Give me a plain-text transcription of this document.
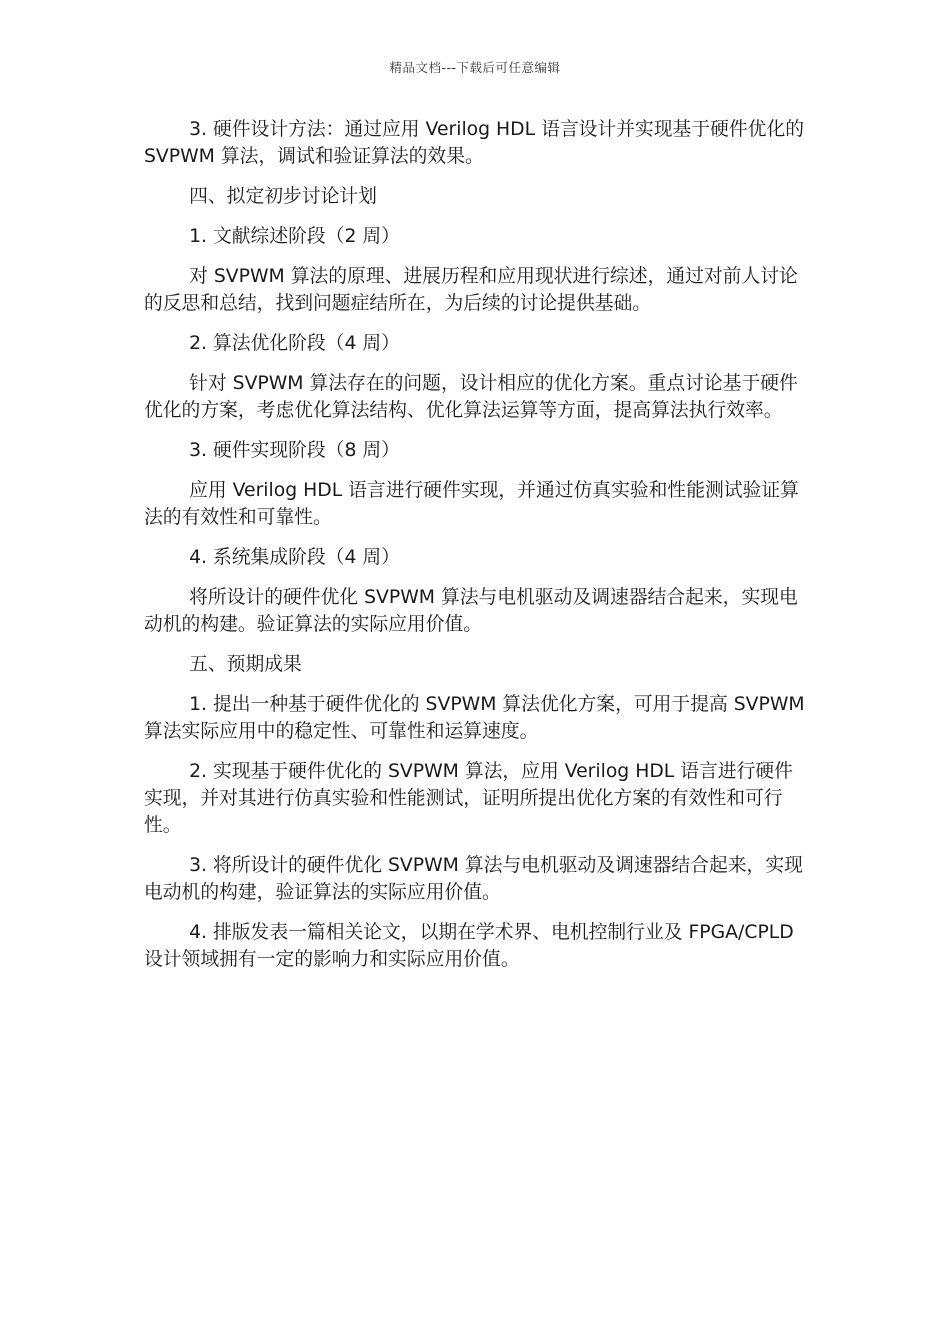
精品文档---下载后可任意编辑

3. 硬件设计方法：通过应用 Verilog HDL 语言设计并实现基于硬件优化的 SVPWM 算法，调试和验证算法的效果。

四、拟定初步讨论计划

1. 文献综述阶段（2 周）

对 SVPWM 算法的原理、进展历程和应用现状进行综述，通过对前人讨论的反思和总结，找到问题症结所在，为后续的讨论提供基础。

2. 算法优化阶段（4 周）

针对 SVPWM 算法存在的问题，设计相应的优化方案。重点讨论基于硬件优化的方案，考虑优化算法结构、优化算法运算等方面，提高算法执行效率。

3. 硬件实现阶段（8 周）

应用 Verilog HDL 语言进行硬件实现，并通过仿真实验和性能测试验证算法的有效性和可靠性。

4. 系统集成阶段（4 周）

将所设计的硬件优化 SVPWM 算法与电机驱动及调速器结合起来，实现电动机的构建。验证算法的实际应用价值。

五、预期成果

1. 提出一种基于硬件优化的 SVPWM 算法优化方案，可用于提高 SVPWM 算法实际应用中的稳定性、可靠性和运算速度。

2. 实现基于硬件优化的 SVPWM 算法，应用 Verilog HDL 语言进行硬件实现，并对其进行仿真实验和性能测试，证明所提出优化方案的有效性和可行性。

3. 将所设计的硬件优化 SVPWM 算法与电机驱动及调速器结合起来，实现电动机的构建，验证算法的实际应用价值。

4. 排版发表一篇相关论文，以期在学术界、电机控制行业及 FPGA/CPLD 设计领域拥有一定的影响力和实际应用价值。
